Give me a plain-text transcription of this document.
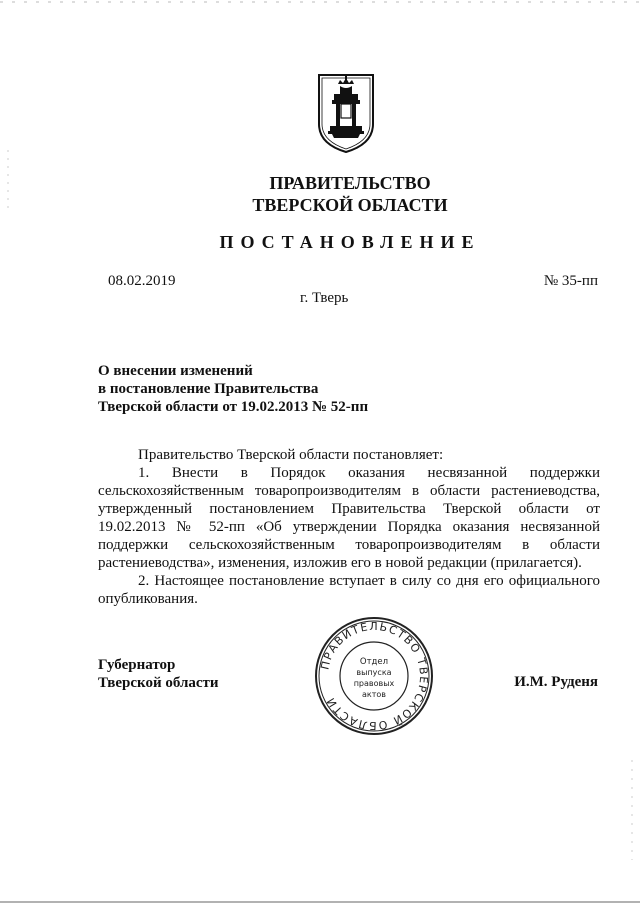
ПРАВИТЕЛЬСТВО
ТВЕРСКОЙ ОБЛАСТИ
ПОСТАНОВЛЕНИЕ
08.02.2019	№ 35-пп
г. Тверь
О внесении изменений
в постановление Правительства
Тверской области от 19.02.2013 № 52-пп

Правительство Тверской области постановляет:

1. Внести в Порядок оказания несвязанной поддержки сельскохозяйственным товаропроизводителям в области растениеводства, утвержденный постановлением Правительства Тверской области от 19.02.2013 № 52-пп «Об утверждении Порядка оказания несвязанной поддержки сельскохозяйственным товаропроизводителям в области растениеводства», изменения, изложив его в новой редакции (прилагается).

2. Настоящее постановление вступает в силу со дня его официального опубликования.

Губернатор
Тверской области	И.М. Руденя
ПРАВИТЕЛЬСТВО ТВЕРСКОЙ ОБЛАСТИ
Отдел
выпуска
правовых
актов
